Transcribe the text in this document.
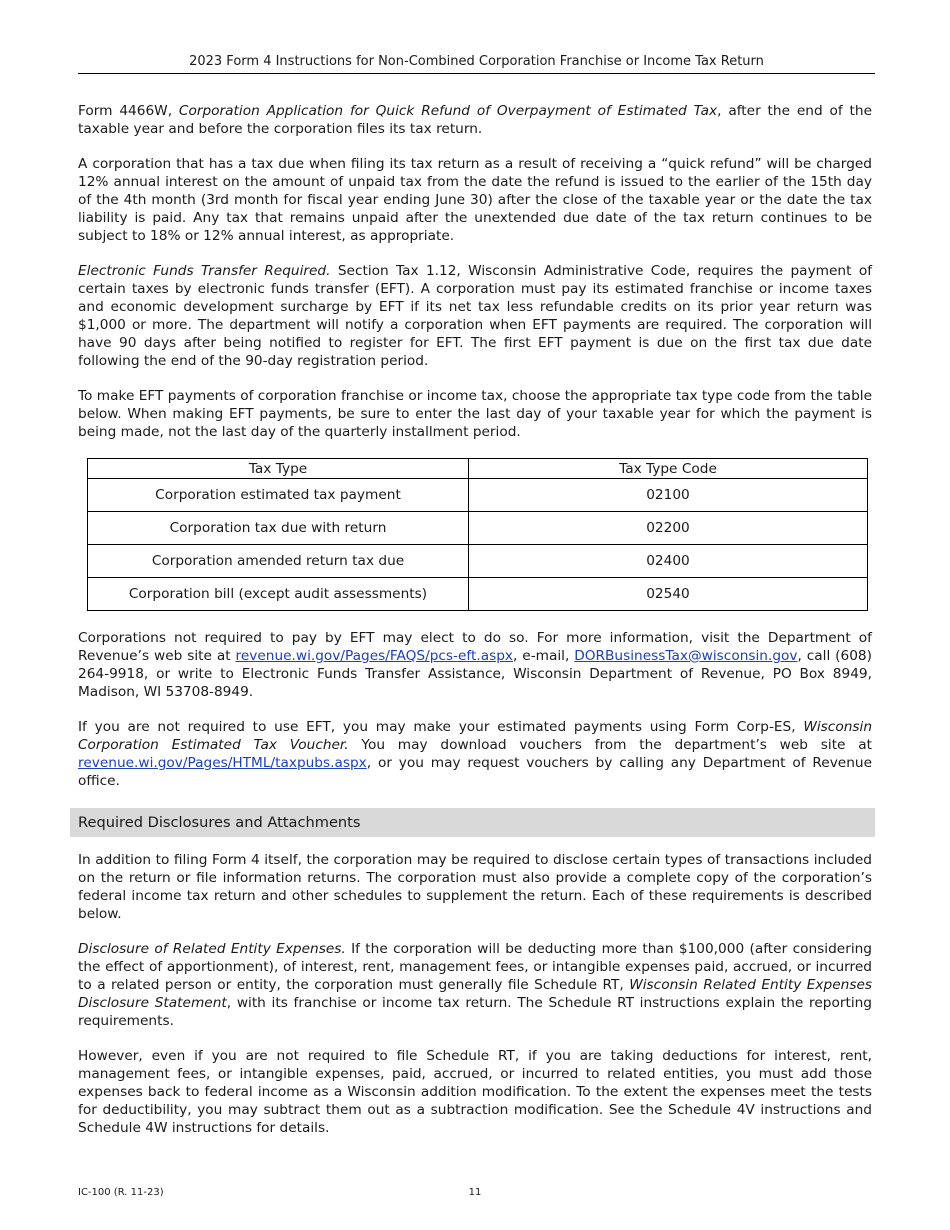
2023 Form 4 Instructions for Non-Combined Corporation Franchise or Income Tax Return

Form 4466W, Corporation Application for Quick Refund of Overpayment of Estimated Tax, after the end of the taxable year and before the corporation files its tax return.

A corporation that has a tax due when filing its tax return as a result of receiving a “quick refund” will be charged 12% annual interest on the amount of unpaid tax from the date the refund is issued to the earlier of the 15th day of the 4th month (3rd month for fiscal year ending June 30) after the close of the taxable year or the date the tax liability is paid. Any tax that remains unpaid after the unextended due date of the tax return continues to be subject to 18% or 12% annual interest, as appropriate.

Electronic Funds Transfer Required. Section Tax 1.12, Wisconsin Administrative Code, requires the payment of certain taxes by electronic funds transfer (EFT). A corporation must pay its estimated franchise or income taxes and economic development surcharge by EFT if its net tax less refundable credits on its prior year return was $1,000 or more. The department will notify a corporation when EFT payments are required. The corporation will have 90 days after being notified to register for EFT. The first EFT payment is due on the first tax due date following the end of the 90-day registration period.

To make EFT payments of corporation franchise or income tax, choose the appropriate tax type code from the table below. When making EFT payments, be sure to enter the last day of your taxable year for which the payment is being made, not the last day of the quarterly installment period.

Tax Type	Tax Type Code
Corporation estimated tax payment	02100
Corporation tax due with return	02200
Corporation amended return tax due	02400
Corporation bill (except audit assessments)	02540

Corporations not required to pay by EFT may elect to do so. For more information, visit the Department of Revenue’s web site at revenue.wi.gov/Pages/FAQS/pcs-eft.aspx, e-mail, DORBusinessTax@wisconsin.gov, call (608) 264-9918, or write to Electronic Funds Transfer Assistance, Wisconsin Department of Revenue, PO Box 8949, Madison, WI 53708-8949.

If you are not required to use EFT, you may make your estimated payments using Form Corp-ES, Wisconsin Corporation Estimated Tax Voucher. You may download vouchers from the department’s web site at revenue.wi.gov/Pages/HTML/taxpubs.aspx, or you may request vouchers by calling any Department of Revenue office.

Required Disclosures and Attachments

In addition to filing Form 4 itself, the corporation may be required to disclose certain types of transactions included on the return or file information returns. The corporation must also provide a complete copy of the corporation’s federal income tax return and other schedules to supplement the return. Each of these requirements is described below.

Disclosure of Related Entity Expenses. If the corporation will be deducting more than $100,000 (after considering the effect of apportionment), of interest, rent, management fees, or intangible expenses paid, accrued, or incurred to a related person or entity, the corporation must generally file Schedule RT, Wisconsin Related Entity Expenses Disclosure Statement, with its franchise or income tax return. The Schedule RT instructions explain the reporting requirements.

However, even if you are not required to file Schedule RT, if you are taking deductions for interest, rent, management fees, or intangible expenses, paid, accrued, or incurred to related entities, you must add those expenses back to federal income as a Wisconsin addition modification. To the extent the expenses meet the tests for deductibility, you may subtract them out as a subtraction modification. See the Schedule 4V instructions and Schedule 4W instructions for details.

IC-100 (R. 11-23)	11
